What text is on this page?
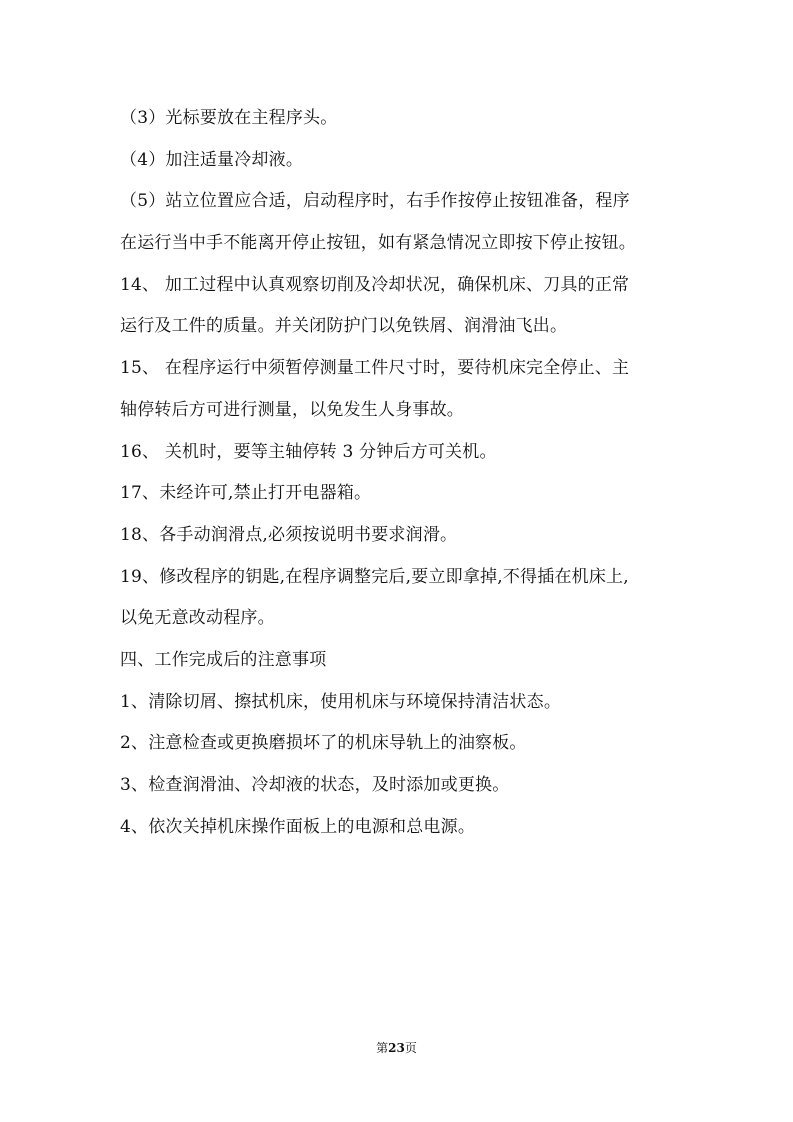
（3）光标要放在主程序头。
（4）加注适量冷却液。
（5）站立位置应合适，启动程序时，右手作按停止按钮准备，程序
在运行当中手不能离开停止按钮，如有紧急情况立即按下停止按钮。
14、 加工过程中认真观察切削及冷却状况，确保机床、刀具的正常
运行及工件的质量。并关闭防护门以免铁屑、润滑油飞出。
15、 在程序运行中须暂停测量工件尺寸时，要待机床完全停止、主
轴停转后方可进行测量，以免发生人身事故。
16、 关机时，要等主轴停转 3 分钟后方可关机。
17、未经许可,禁止打开电器箱。
18、各手动润滑点,必须按说明书要求润滑。
19、修改程序的钥匙,在程序调整完后,要立即拿掉,不得插在机床上,
以免无意改动程序。
四、工作完成后的注意事项
1、清除切屑、擦拭机床，使用机床与环境保持清洁状态。
2、注意检查或更换磨损坏了的机床导轨上的油察板。
3、检查润滑油、冷却液的状态，及时添加或更换。
4、依次关掉机床操作面板上的电源和总电源。
第23页
